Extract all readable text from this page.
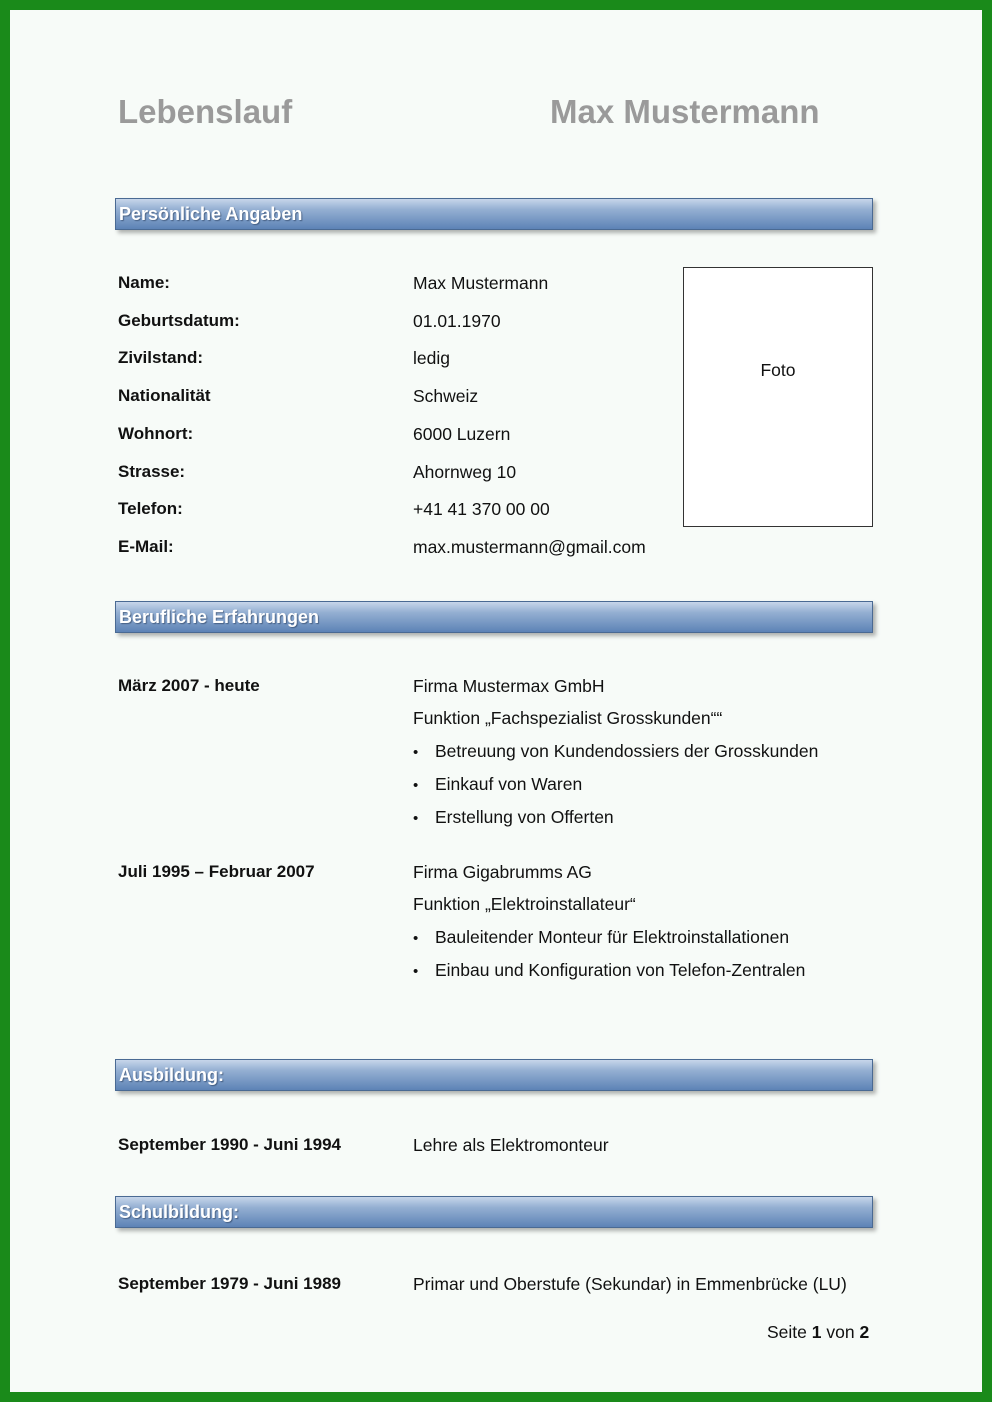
Lebenslauf	Max Mustermann
Persönliche Angaben
Name:	Max Mustermann
Geburtsdatum:	01.01.1970
Zivilstand:	ledig
Nationalität	Schweiz
Wohnort:	6000 Luzern
Strasse:	Ahornweg 10
Telefon:	+41 41 370 00 00
E-Mail:	max.mustermann@gmail.com
Foto
Berufliche Erfahrungen
März 2007 - heute	Firma Mustermax GmbH
Funktion „Fachspezialist Grosskunden““
• Betreuung von Kundendossiers der Grosskunden
• Einkauf von Waren
• Erstellung von Offerten
Juli 1995 – Februar 2007	Firma Gigabrumms AG
Funktion „Elektroinstallateur“
• Bauleitender Monteur für Elektroinstallationen
• Einbau und Konfiguration von Telefon-Zentralen
Ausbildung:
September 1990 - Juni 1994	Lehre als Elektromonteur
Schulbildung:
September 1979 - Juni 1989	Primar und Oberstufe (Sekundar) in Emmenbrücke (LU)
Seite 1 von 2
